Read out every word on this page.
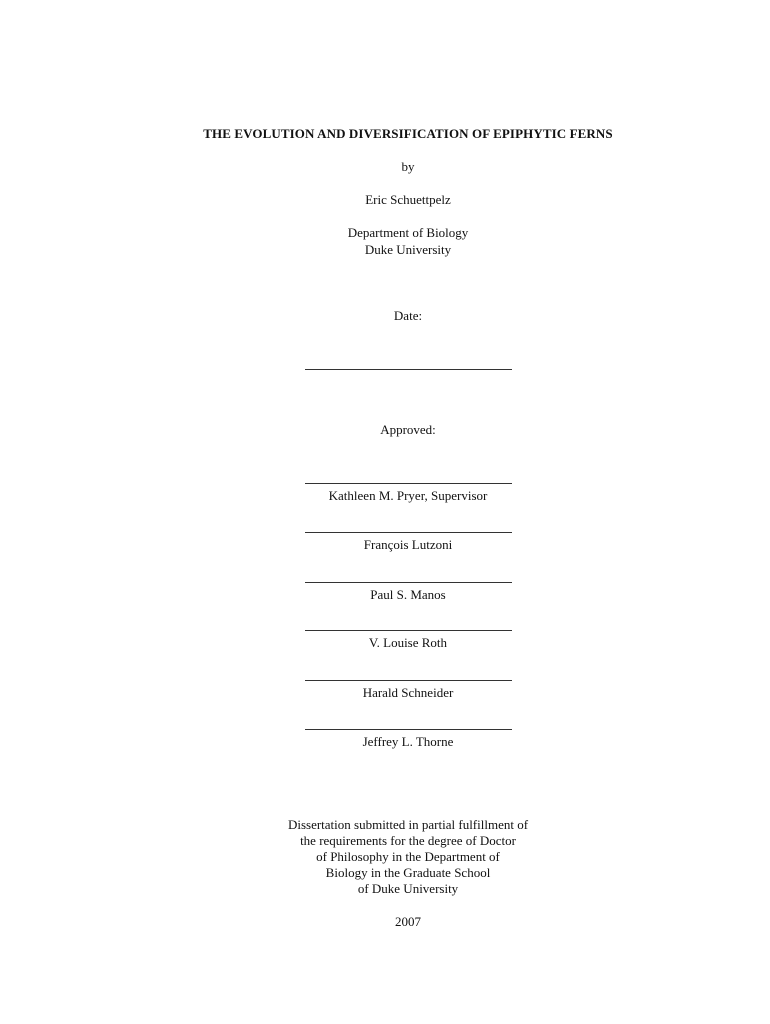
THE EVOLUTION AND DIVERSIFICATION OF EPIPHYTIC FERNS
by
Eric Schuettpelz
Department of Biology
Duke University
Date:
Approved:
Kathleen M. Pryer, Supervisor
François Lutzoni
Paul S. Manos
V. Louise Roth
Harald Schneider
Jeffrey L. Thorne
Dissertation submitted in partial fulfillment of
the requirements for the degree of Doctor
of Philosophy in the Department of
Biology in the Graduate School
of Duke University
2007
